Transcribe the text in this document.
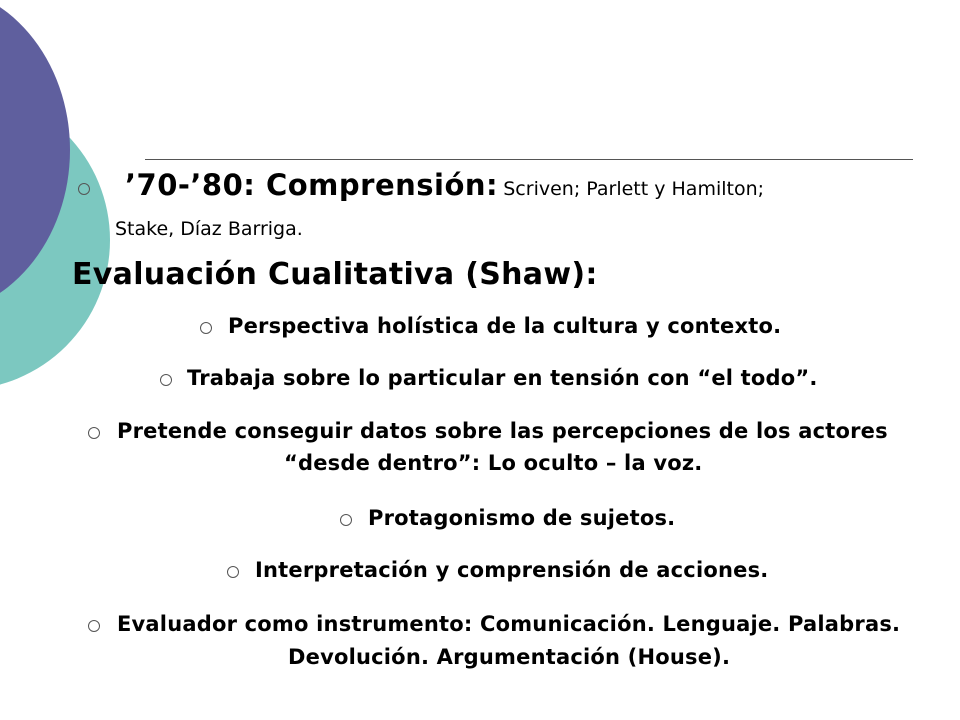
’70-’80: Comprensión: Scriven; Parlett y Hamilton;
Stake, Díaz Barriga.
Evaluación Cualitativa (Shaw):
Perspectiva holística de la cultura y contexto.
Trabaja sobre lo particular en tensión con “el todo”.
Pretende conseguir datos sobre las percepciones de los actores
“desde dentro”: Lo oculto – la voz.
Protagonismo de sujetos.
Interpretación y comprensión de acciones.
Evaluador como instrumento: Comunicación. Lenguaje. Palabras.
Devolución. Argumentación (House).
